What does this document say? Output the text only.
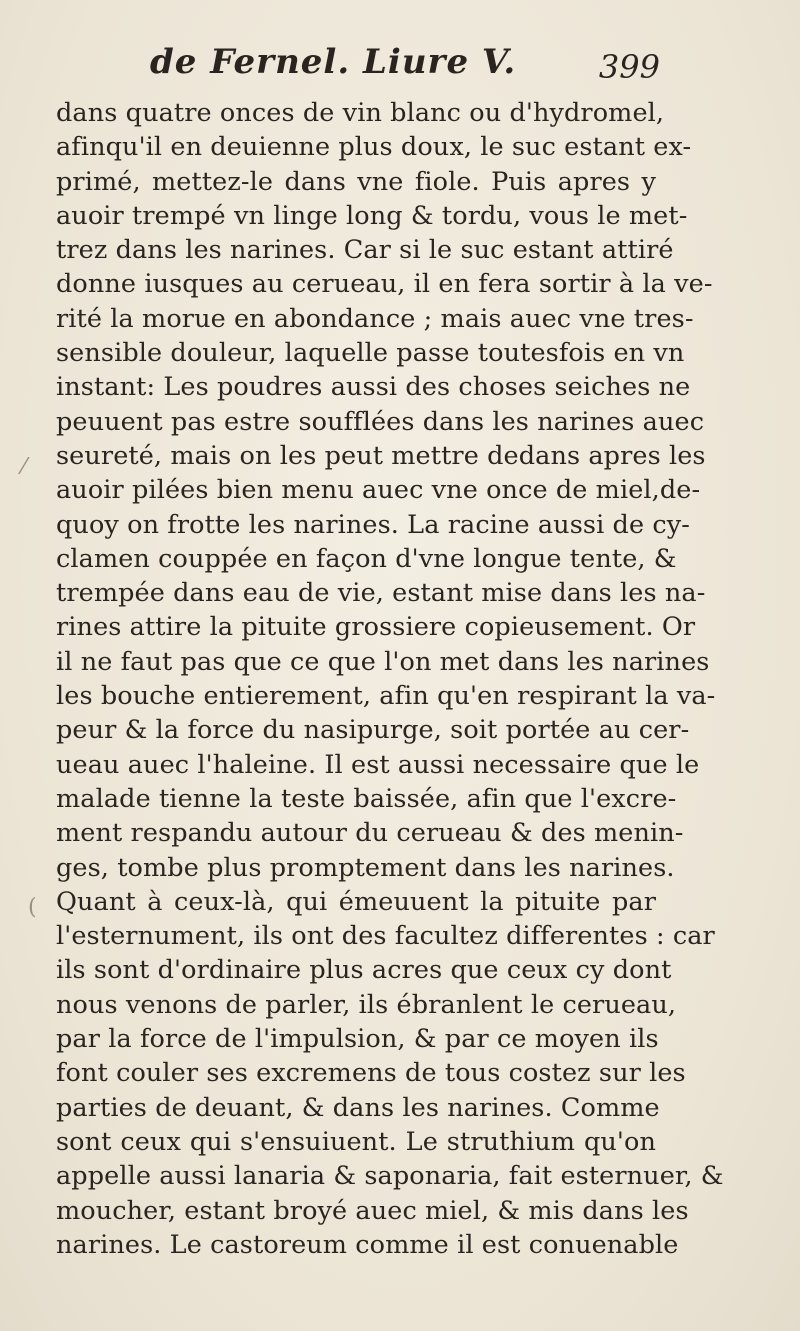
de Fernel. Liure V.	399
dans quatre onces de vin blanc ou d'hydromel,
afinqu'il en deuienne plus doux, le suc estant ex-
primé, mettez-le dans vne fiole. Puis apres y
auoir trempé vn linge long & tordu, vous le met-
trez dans les narines. Car si le suc estant attiré
donne iusques au cerueau, il en fera sortir à la ve-
rité la morue en abondance ; mais auec vne tres-
sensible douleur, laquelle passe toutesfois en vn
instant: Les poudres aussi des choses seiches ne
peuuent pas estre soufflées dans les narines auec
seureté, mais on les peut mettre dedans apres les
auoir pilées bien menu auec vne once de miel,de-
quoy on frotte les narines. La racine aussi de cy-
clamen couppée en façon d'vne longue tente, &
trempée dans eau de vie, estant mise dans les na-
rines attire la pituite grossiere copieusement. Or
il ne faut pas que ce que l'on met dans les narines
les bouche entierement, afin qu'en respirant la va-
peur & la force du nasipurge, soit portée au cer-
ueau auec l'haleine. Il est aussi necessaire que le
malade tienne la teste baissée, afin que l'excre-
ment respandu autour du cerueau & des menin-
ges, tombe plus promptement dans les narines.
Quant à ceux-là, qui émeuuent la pituite par
l'esternument, ils ont des facultez differentes : car
ils sont d'ordinaire plus acres que ceux cy dont
nous venons de parler, ils ébranlent le cerueau,
par la force de l'impulsion, & par ce moyen ils
font couler ses excremens de tous costez sur les
parties de deuant, & dans les narines. Comme
sont ceux qui s'ensuiuent. Le struthium qu'on
appelle aussi lanaria & saponaria, fait esternuer, &
moucher, estant broyé auec miel, & mis dans les
narines. Le castoreum comme il est conuenable
⁄
(
